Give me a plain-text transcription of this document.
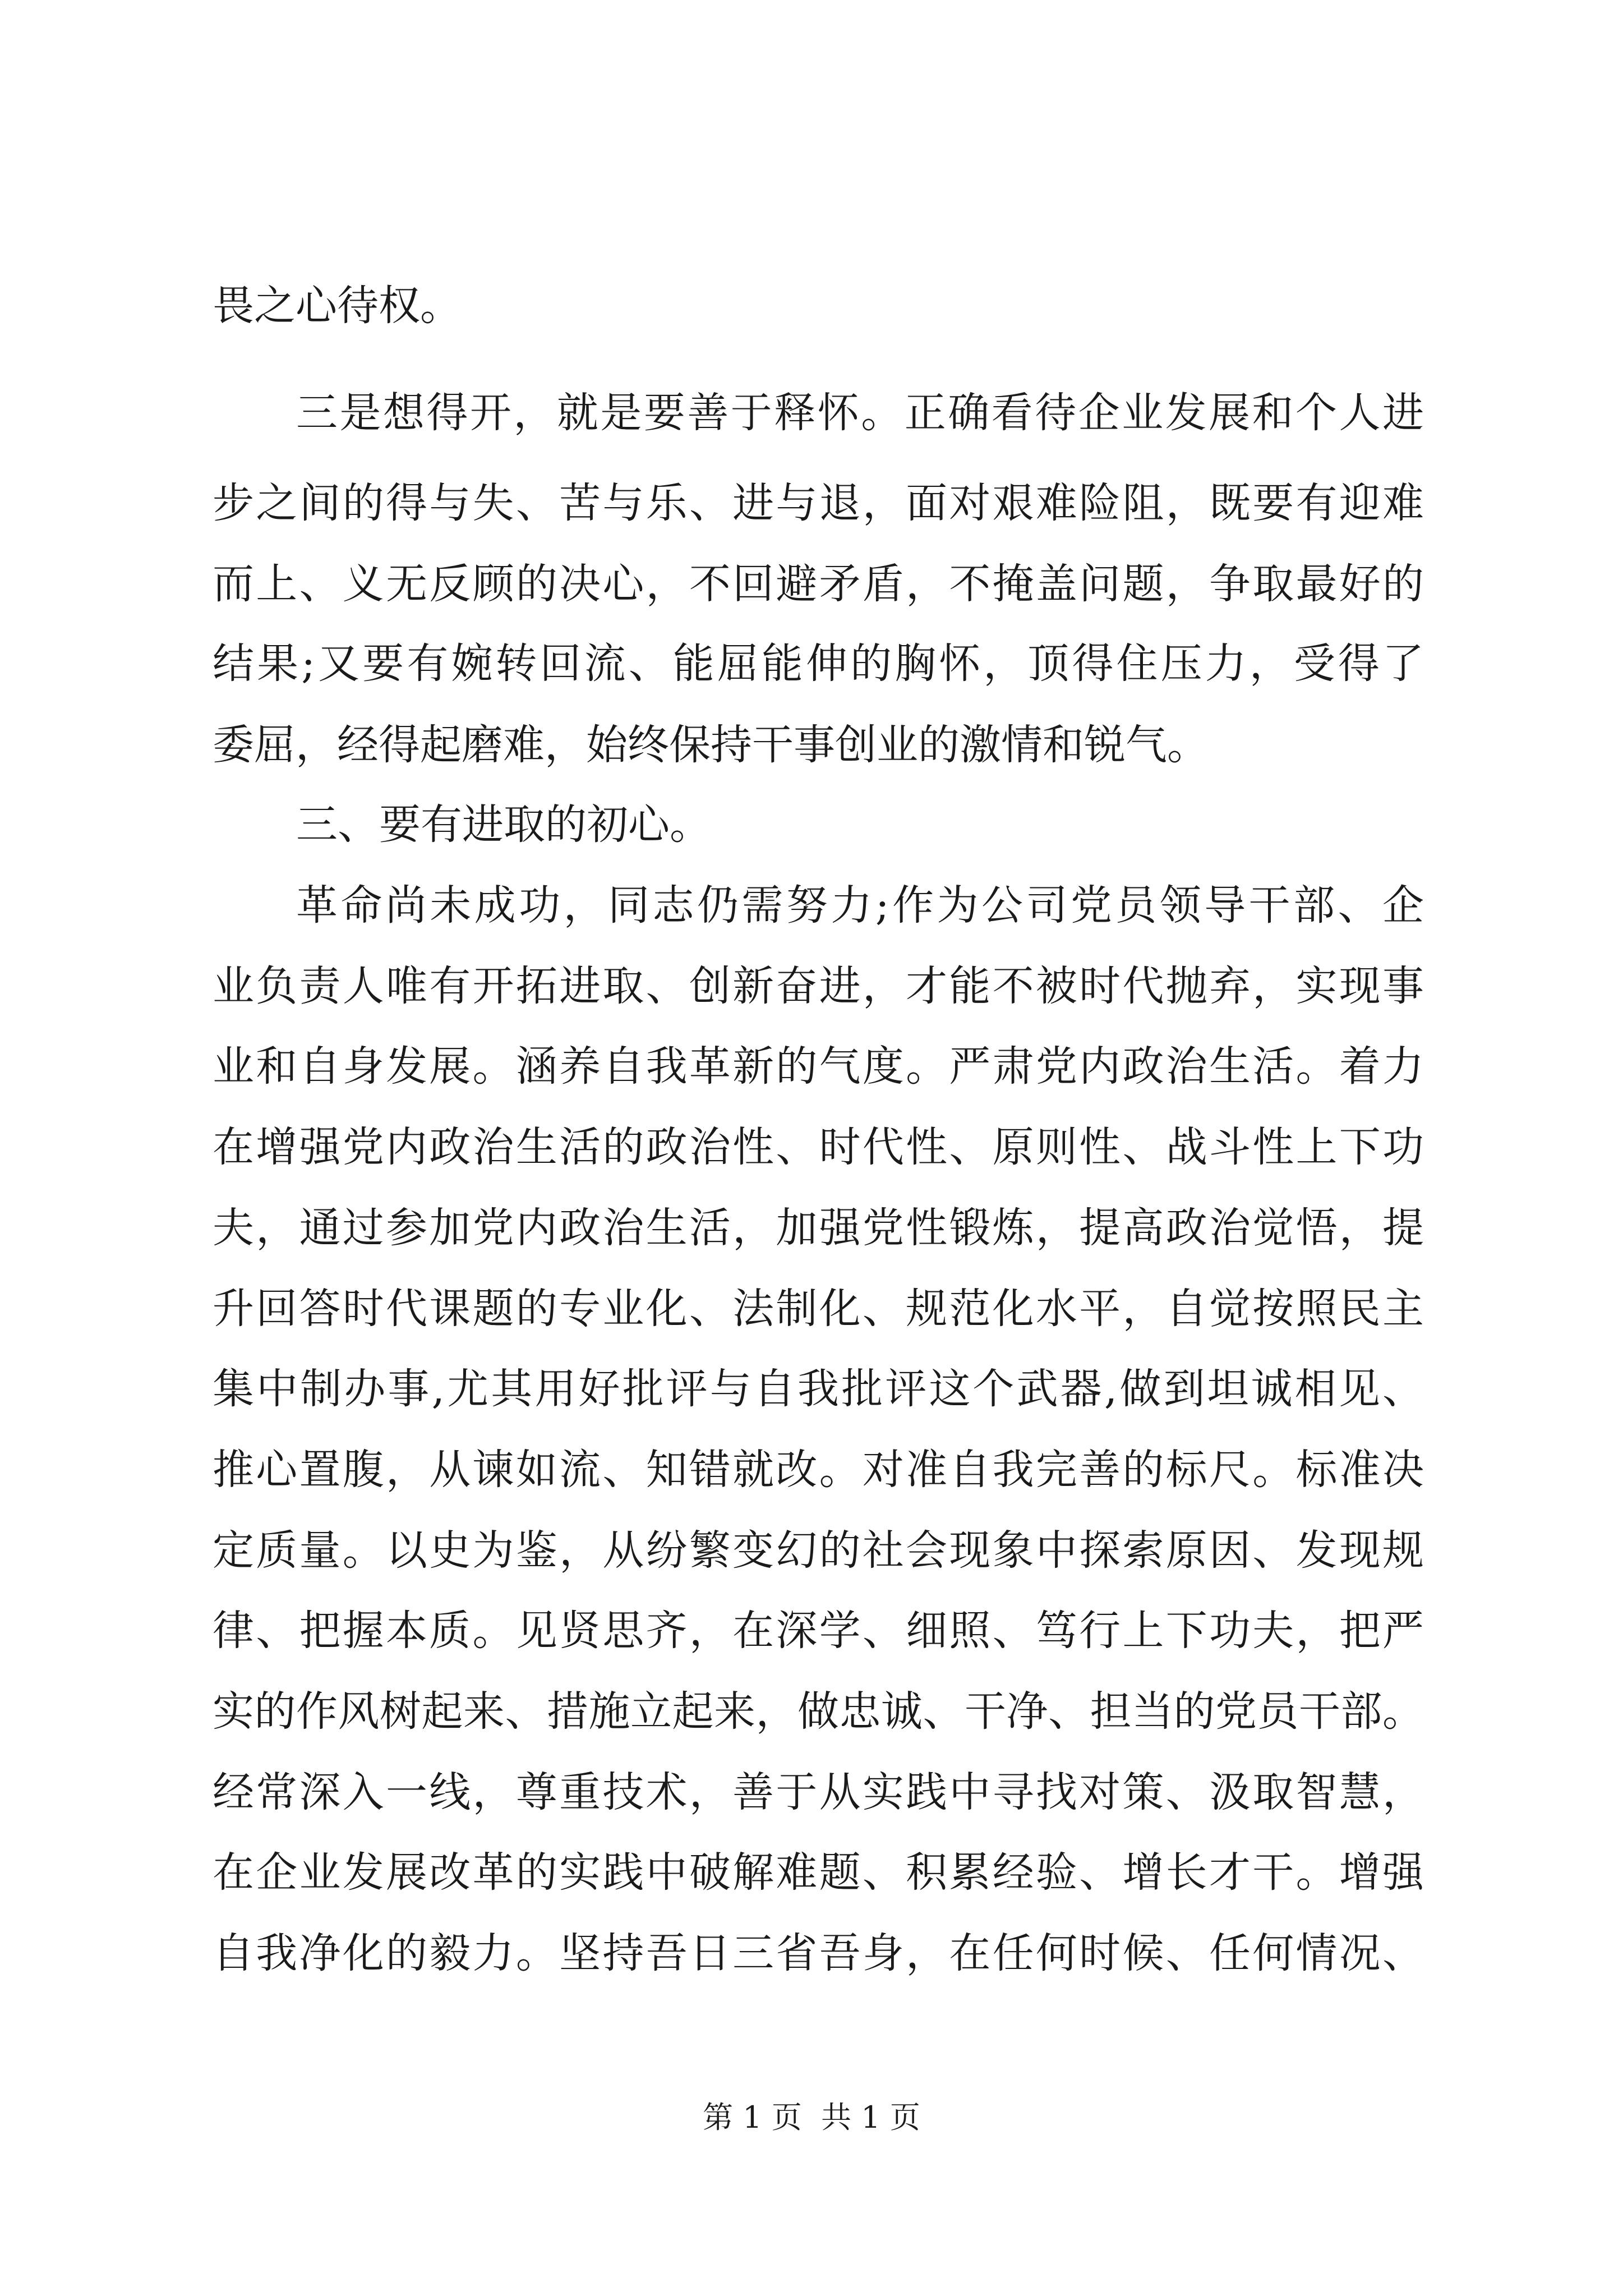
畏之心待权。

三是想得开，就是要善于释怀。正确看待企业发展和个人进

步之间的得与失、苦与乐、进与退，面对艰难险阻，既要有迎难

而上、义无反顾的决心，不回避矛盾，不掩盖问题，争取最好的

结果;又要有婉转回流、能屈能伸的胸怀，顶得住压力，受得了

委屈，经得起磨难，始终保持干事创业的激情和锐气。

三、要有进取的初心。

革命尚未成功，同志仍需努力;作为公司党员领导干部、企

业负责人唯有开拓进取、创新奋进，才能不被时代抛弃，实现事

业和自身发展。涵养自我革新的气度。严肃党内政治生活。着力

在增强党内政治生活的政治性、时代性、原则性、战斗性上下功

夫，通过参加党内政治生活，加强党性锻炼，提高政治觉悟，提

升回答时代课题的专业化、法制化、规范化水平，自觉按照民主

集中制办事,尤其用好批评与自我批评这个武器,做到坦诚相见、

推心置腹，从谏如流、知错就改。对准自我完善的标尺。标准决

定质量。以史为鉴，从纷繁变幻的社会现象中探索原因、发现规

律、把握本质。见贤思齐，在深学、细照、笃行上下功夫，把严

实的作风树起来、措施立起来，做忠诚、干净、担当的党员干部。

经常深入一线，尊重技术，善于从实践中寻找对策、汲取智慧，

在企业发展改革的实践中破解难题、积累经验、增长才干。增强

自我净化的毅力。坚持吾日三省吾身，在任何时候、任何情况、

第 1 页  共 1 页
